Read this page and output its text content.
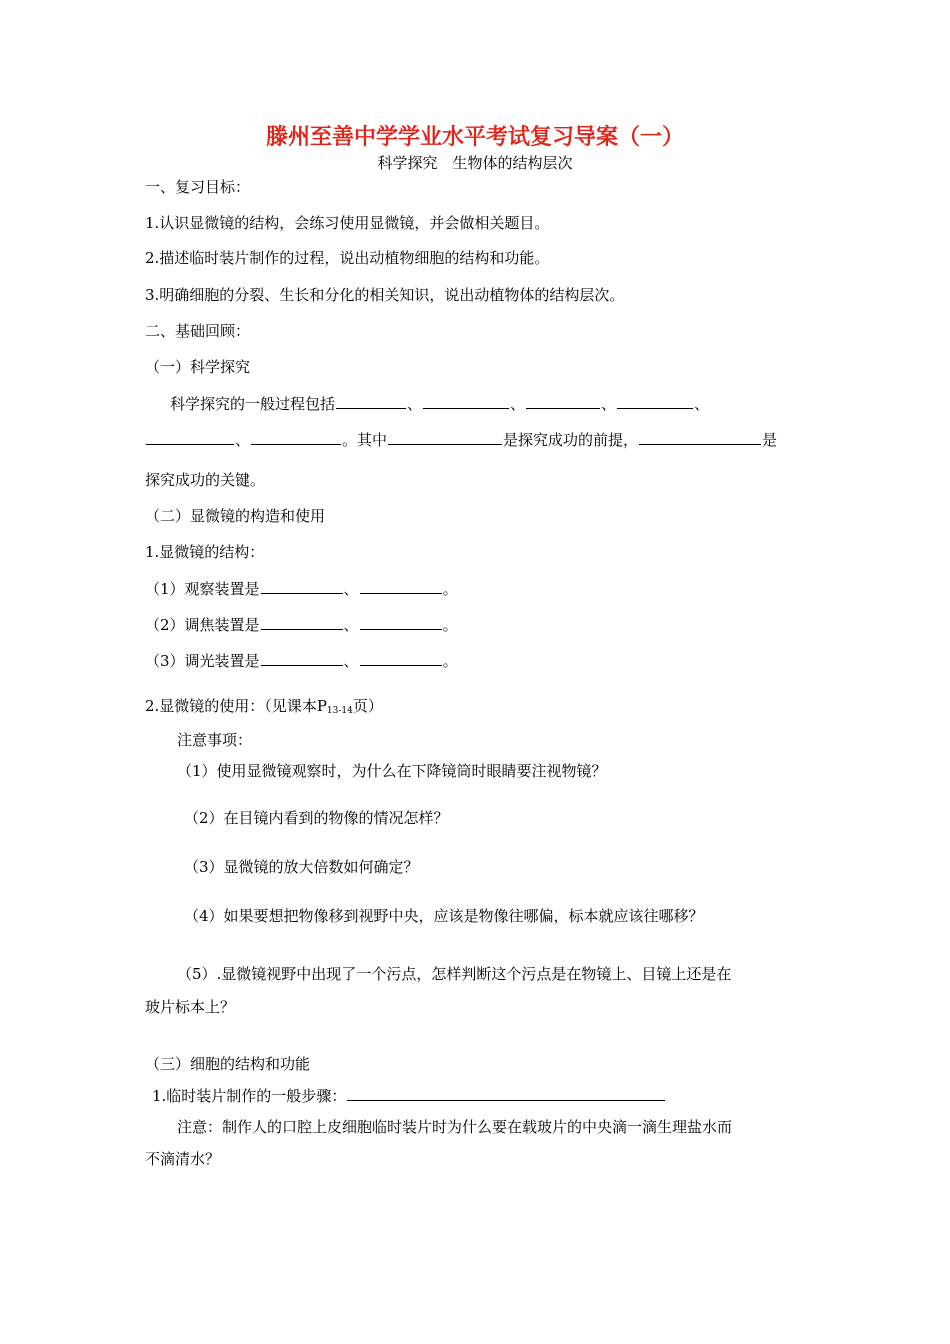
滕州至善中学学业水平考试复习导案（一）
科学探究　生物体的结构层次
一、复习目标：
1.认识显微镜的结构，会练习使用显微镜，并会做相关题目。
2.描述临时装片制作的过程，说出动植物细胞的结构和功能。
3.明确细胞的分裂、生长和分化的相关知识，说出动植物体的结构层次。
二、基础回顾：
（一）科学探究
科学探究的一般过程包括	、	、	、	、
、	。其中	是探究成功的前提，	是
探究成功的关键。
（二）显微镜的构造和使用
1.显微镜的结构：
（1）观察装置是	、	。
（2）调焦装置是	、	。
（3）调光装置是	、	。
2.显微镜的使用：（见课本$P_{13-14}$页）
注意事项：
（1）使用显微镜观察时，为什么在下降镜筒时眼睛要注视物镜？
（2）在目镜内看到的物像的情况怎样？
（3）显微镜的放大倍数如何确定？
（4）如果要想把物像移到视野中央，应该是物像往哪偏，标本就应该往哪移？
（5）.显微镜视野中出现了一个污点，怎样判断这个污点是在物镜上、目镜上还是在
玻片标本上？
（三）细胞的结构和功能
1.临时装片制作的一般步骤：
注意：制作人的口腔上皮细胞临时装片时为什么要在载玻片的中央滴一滴生理盐水而
不滴清水？
